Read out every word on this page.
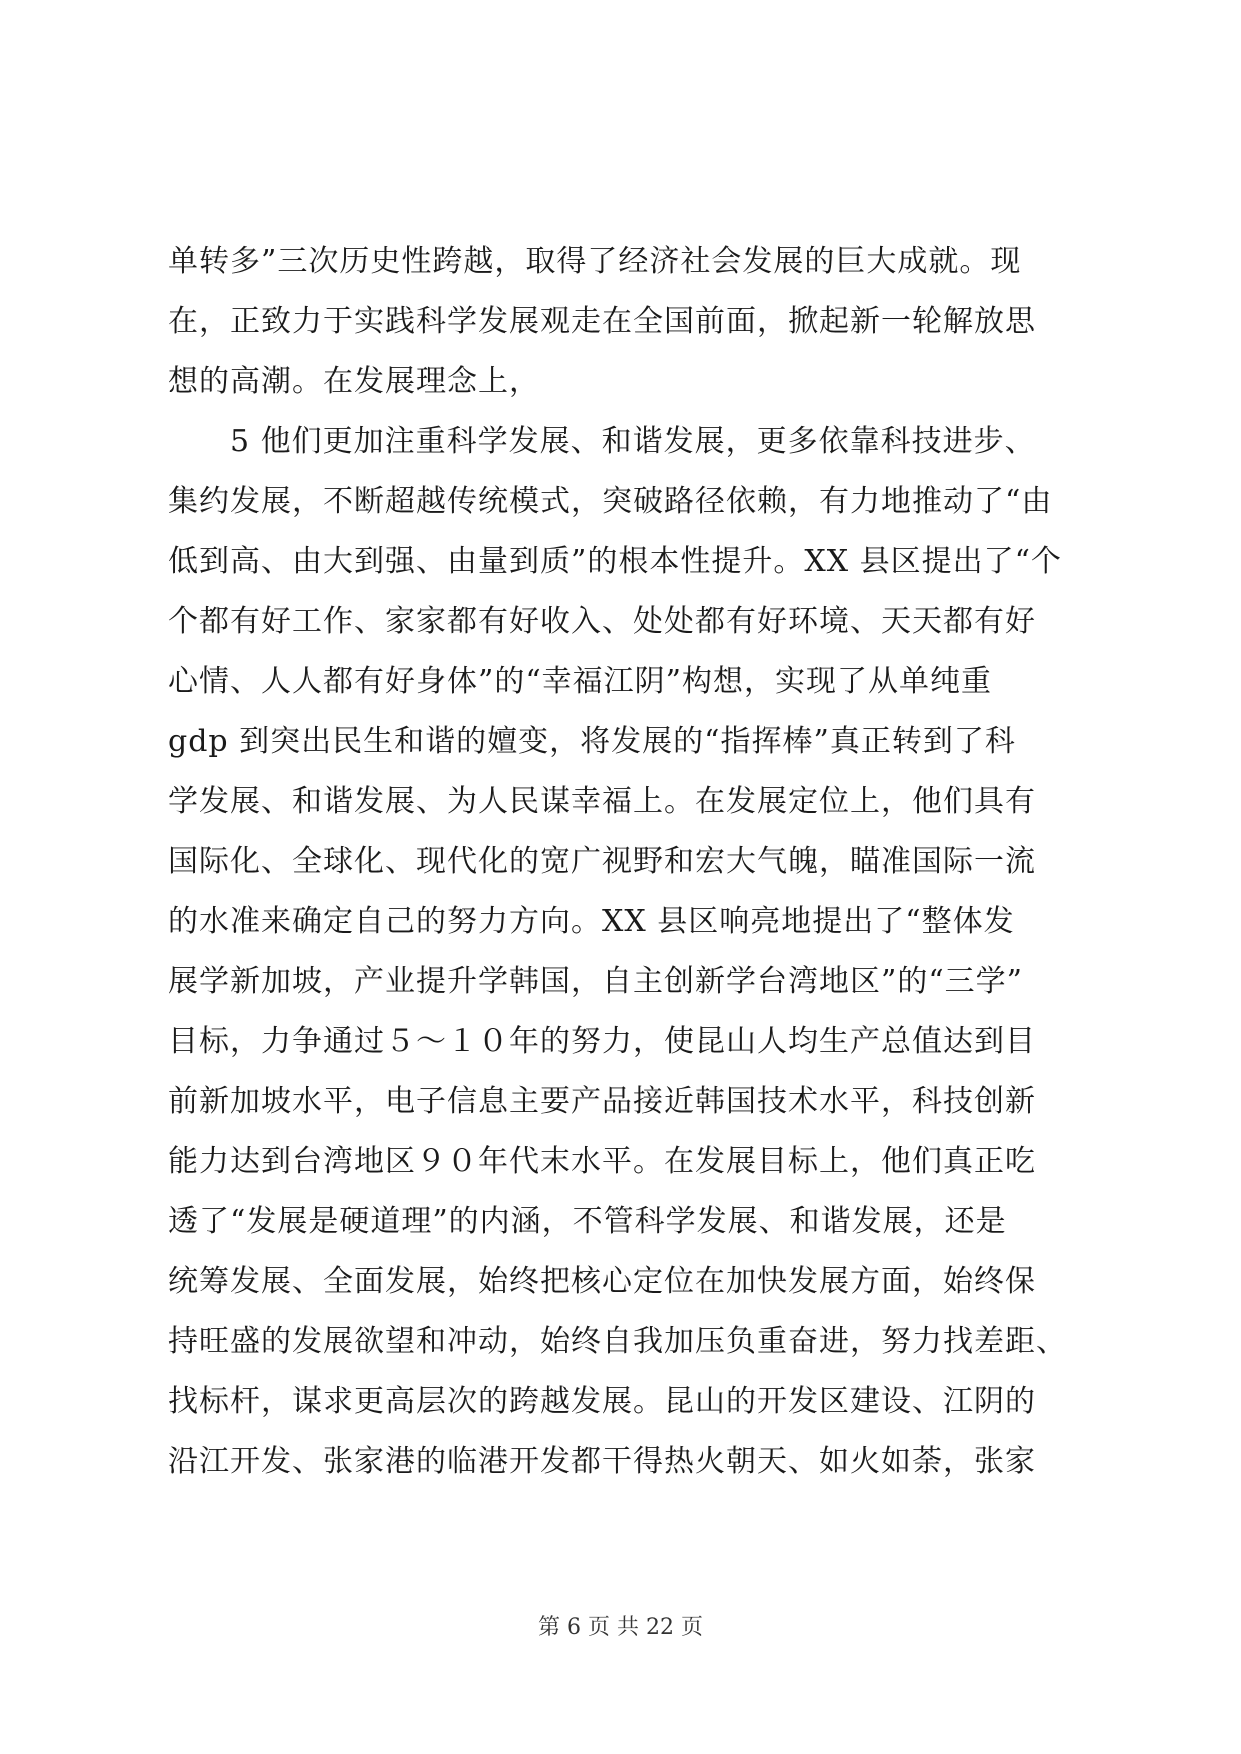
单转多”三次历史性跨越，取得了经济社会发展的巨大成就。现
在，正致力于实践科学发展观走在全国前面，掀起新一轮解放思
想的高潮。在发展理念上，
　　5 他们更加注重科学发展、和谐发展，更多依靠科技进步、
集约发展，不断超越传统模式，突破路径依赖，有力地推动了“由
低到高、由大到强、由量到质”的根本性提升。XX 县区提出了“个
个都有好工作、家家都有好收入、处处都有好环境、天天都有好
心情、人人都有好身体”的“幸福江阴”构想，实现了从单纯重
gdp 到突出民生和谐的嬗变，将发展的“指挥棒”真正转到了科
学发展、和谐发展、为人民谋幸福上。在发展定位上，他们具有
国际化、全球化、现代化的宽广视野和宏大气魄，瞄准国际一流
的水准来确定自己的努力方向。XX 县区响亮地提出了“整体发
展学新加坡，产业提升学韩国，自主创新学台湾地区”的“三学”
目标，力争通过５～１０年的努力，使昆山人均生产总值达到目
前新加坡水平，电子信息主要产品接近韩国技术水平，科技创新
能力达到台湾地区９０年代末水平。在发展目标上，他们真正吃
透了“发展是硬道理”的内涵，不管科学发展、和谐发展，还是
统筹发展、全面发展，始终把核心定位在加快发展方面，始终保
持旺盛的发展欲望和冲动，始终自我加压负重奋进，努力找差距、
找标杆，谋求更高层次的跨越发展。昆山的开发区建设、江阴的
沿江开发、张家港的临港开发都干得热火朝天、如火如荼，张家
第 6 页 共 22 页
